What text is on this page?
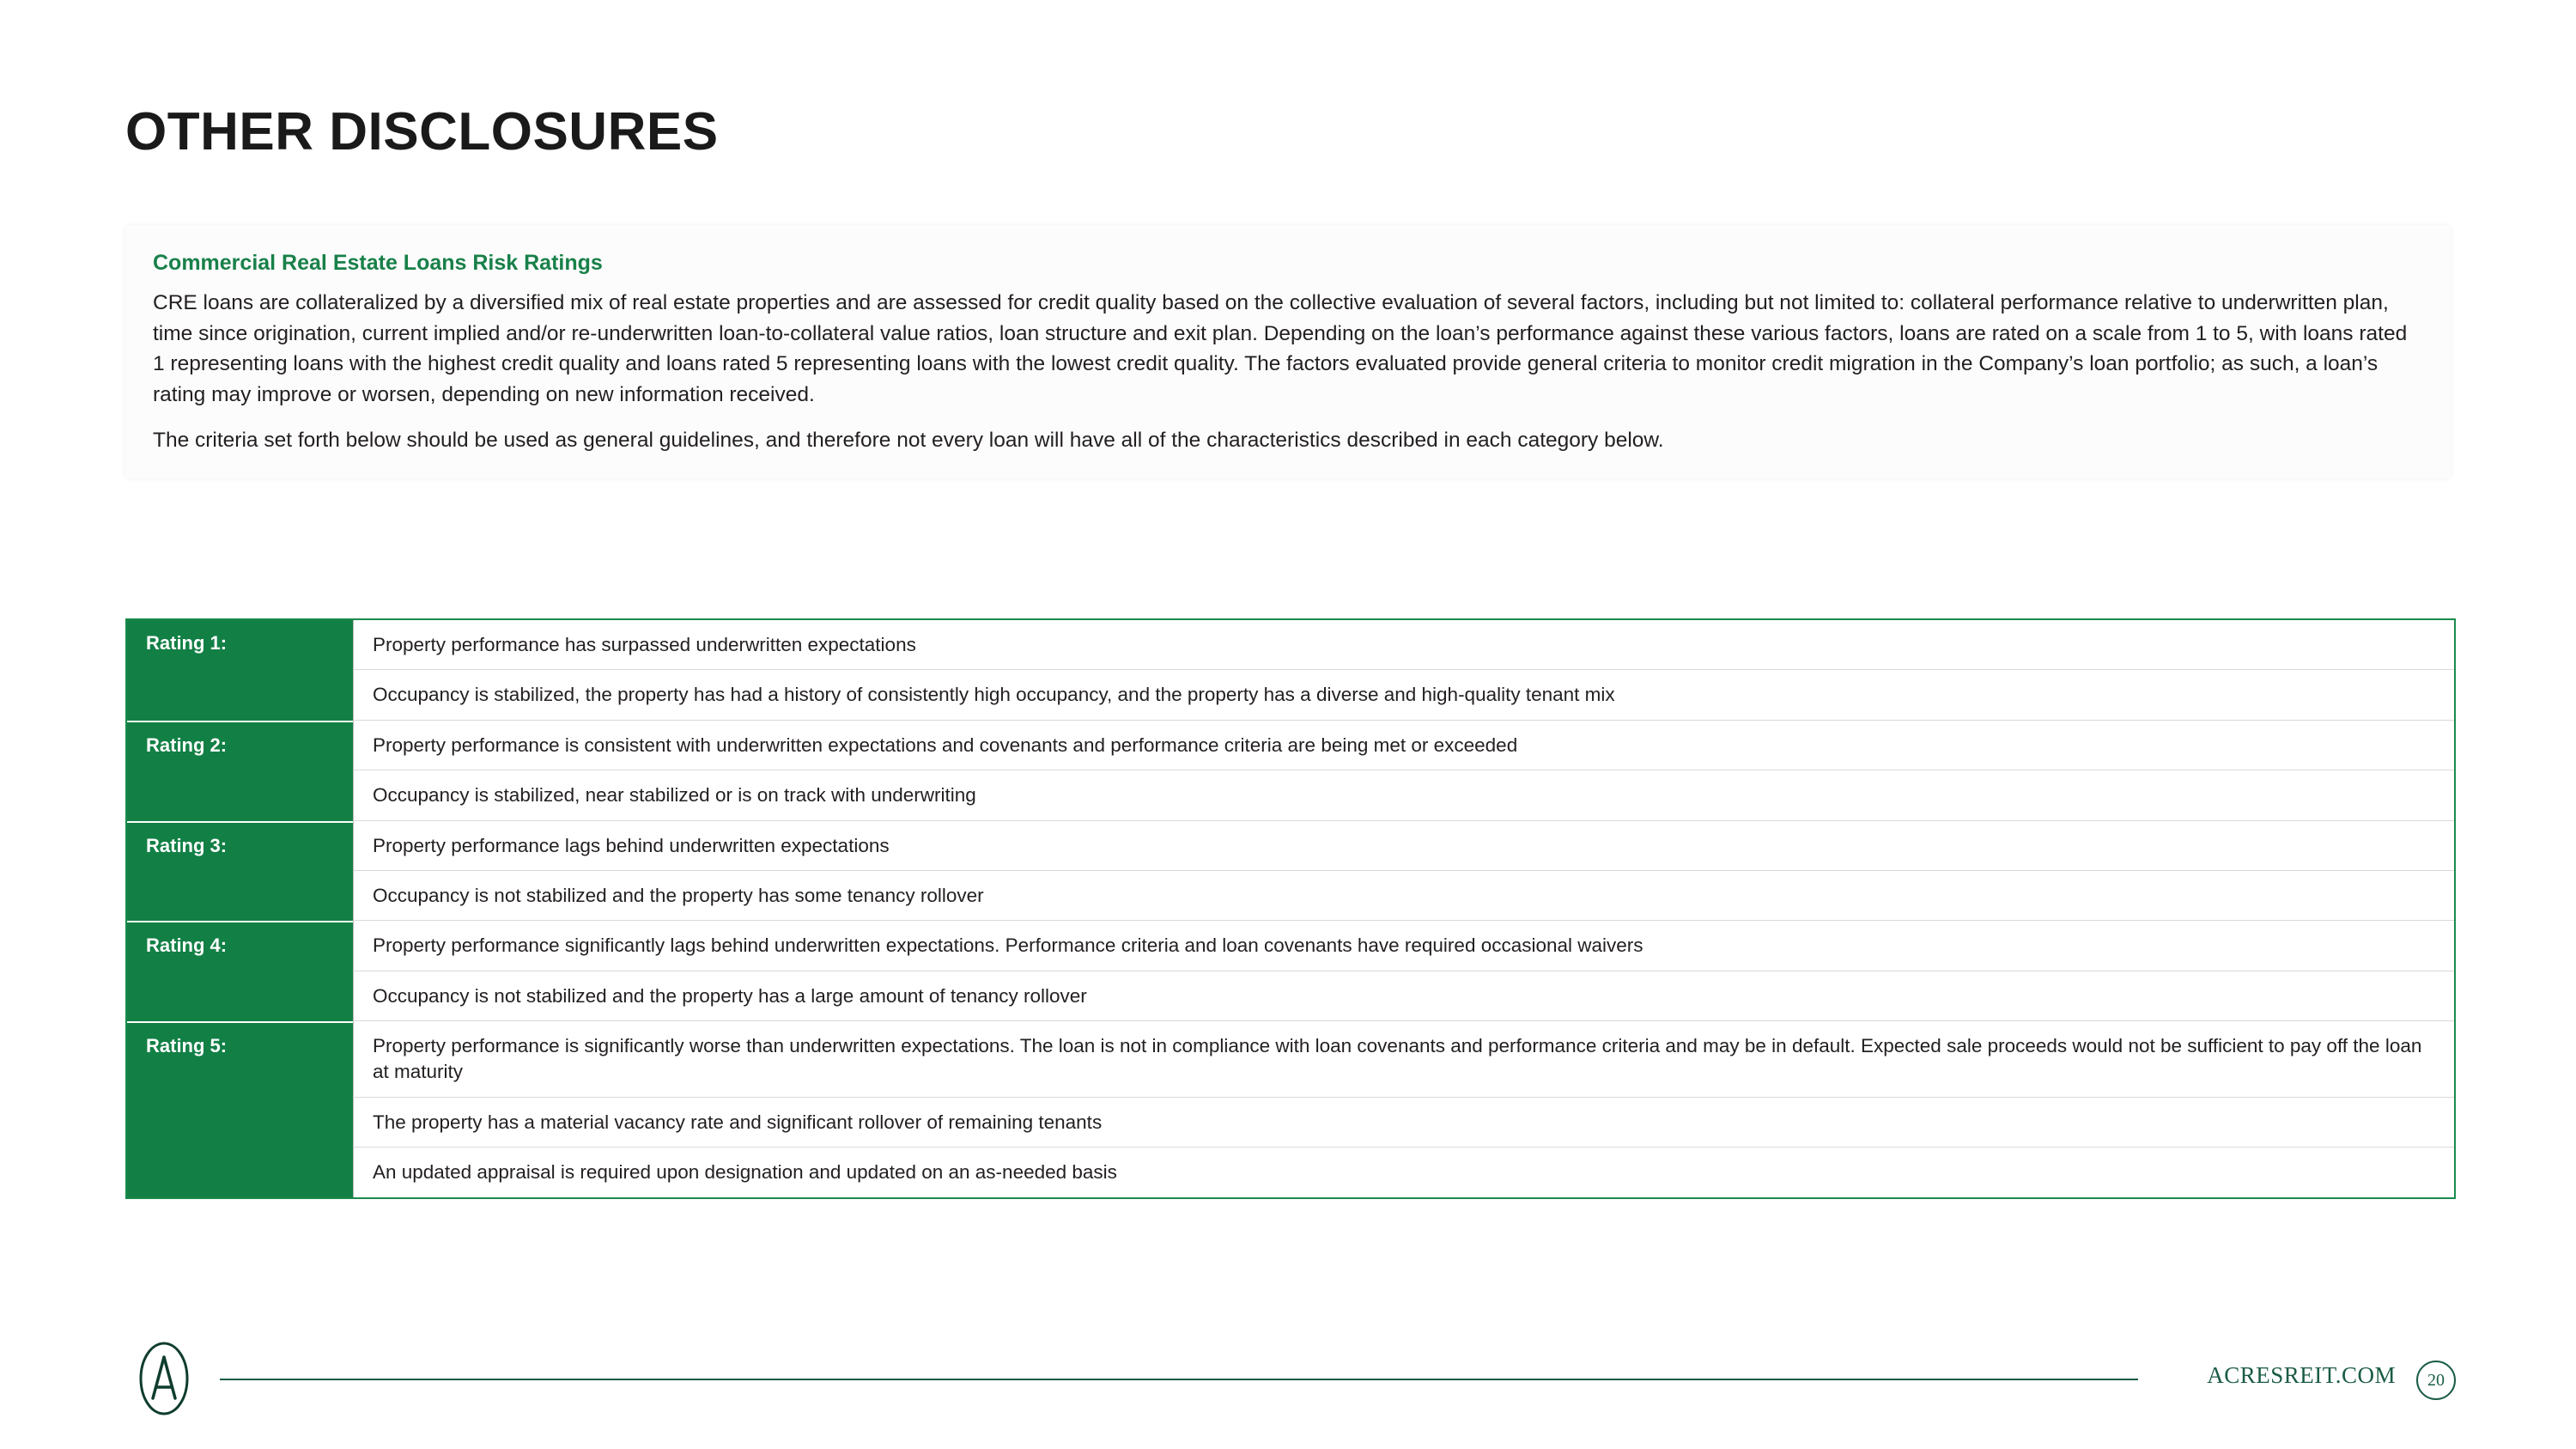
OTHER DISCLOSURES
Commercial Real Estate Loans Risk Ratings

CRE loans are collateralized by a diversified mix of real estate properties and are assessed for credit quality based on the collective evaluation of several factors, including but not limited to: collateral performance relative to underwritten plan, time since origination, current implied and/or re-underwritten loan-to-collateral value ratios, loan structure and exit plan. Depending on the loan’s performance against these various factors, loans are rated on a scale from 1 to 5, with loans rated 1 representing loans with the highest credit quality and loans rated 5 representing loans with the lowest credit quality. The factors evaluated provide general criteria to monitor credit migration in the Company’s loan portfolio; as such, a loan’s rating may improve or worsen, depending on new information received.

The criteria set forth below should be used as general guidelines, and therefore not every loan will have all of the characteristics described in each category below.

Rating 1:	Property performance has surpassed underwritten expectations
Occupancy is stabilized, the property has had a history of consistently high occupancy, and the property has a diverse and high-quality tenant mix
Rating 2:	Property performance is consistent with underwritten expectations and covenants and performance criteria are being met or exceeded
Occupancy is stabilized, near stabilized or is on track with underwriting
Rating 3:	Property performance lags behind underwritten expectations
Occupancy is not stabilized and the property has some tenancy rollover
Rating 4:	Property performance significantly lags behind underwritten expectations. Performance criteria and loan covenants have required occasional waivers
Occupancy is not stabilized and the property has a large amount of tenancy rollover
Rating 5:	Property performance is significantly worse than underwritten expectations. The loan is not in compliance with loan covenants and performance criteria and may be in default. Expected sale proceeds would not be sufficient to pay off the loan at maturity
The property has a material vacancy rate and significant rollover of remaining tenants
An updated appraisal is required upon designation and updated on an as-needed basis
ACRESREIT.COM	20
